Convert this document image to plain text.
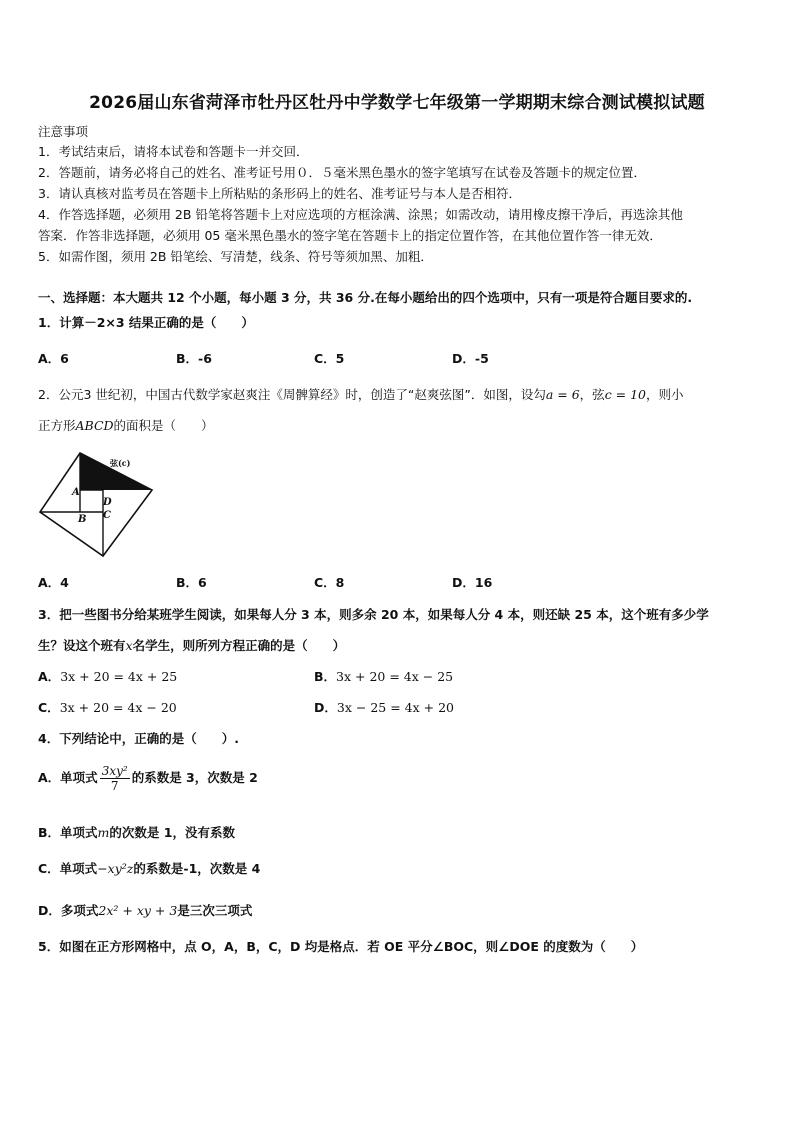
2026届山东省菏泽市牡丹区牡丹中学数学七年级第一学期期末综合测试模拟试题
注意事项
1．考试结束后，请将本试卷和答题卡一并交回．
2．答题前，请务必将自己的姓名、准考证号用０．５毫米黑色墨水的签字笔填写在试卷及答题卡的规定位置．
3．请认真核对监考员在答题卡上所粘贴的条形码上的姓名、准考证号与本人是否相符．
4．作答选择题，必须用 2B 铅笔将答题卡上对应选项的方框涂满、涂黑；如需改动，请用橡皮擦干净后，再选涂其他
答案．作答非选择题，必须用 05 毫米黑色墨水的签字笔在答题卡上的指定位置作答，在其他位置作答一律无效．
5．如需作图，须用 2B 铅笔绘、写清楚，线条、符号等须加黑、加粗．
一、选择题：本大题共 12 个小题，每小题 3 分，共 36 分.在每小题给出的四个选项中，只有一项是符合题目要求的.
1．计算－2×3 结果正确的是（　　）
A．6	B．-6	C．5	D．-5
2．公元3 世纪初，中国古代数学家赵爽注《周髀算经》时，创造了“赵爽弦图”．如图，设勾a = 6，弦c = 10，则小
正方形ABCD的面积是（　　）
弦(c)
A
D
B C
A．4	B．6	C．8	D．16
3．把一些图书分给某班学生阅读，如果每人分 3 本，则多余 20 本，如果每人分 4 本，则还缺 25 本，这个班有多少学
生？设这个班有x名学生，则所列方程正确的是（　　）
A．3x + 20 = 4x + 25	B．3x + 20 = 4x − 25
C．3x + 20 = 4x − 20	D．3x − 25 = 4x + 20
4．下列结论中，正确的是（　　）.
A．单项式 $\frac{\text{3xy²}}{7}$ 的系数是 3，次数是 2
B．单项式m的次数是 1，没有系数
C．单项式−xy²z的系数是-1，次数是 4
D．多项式2x² + xy + 3是三次三项式
5．如图在正方形网格中，点 O，A，B，C，D 均是格点．若 OE 平分∠BOC，则∠DOE 的度数为（　　）
